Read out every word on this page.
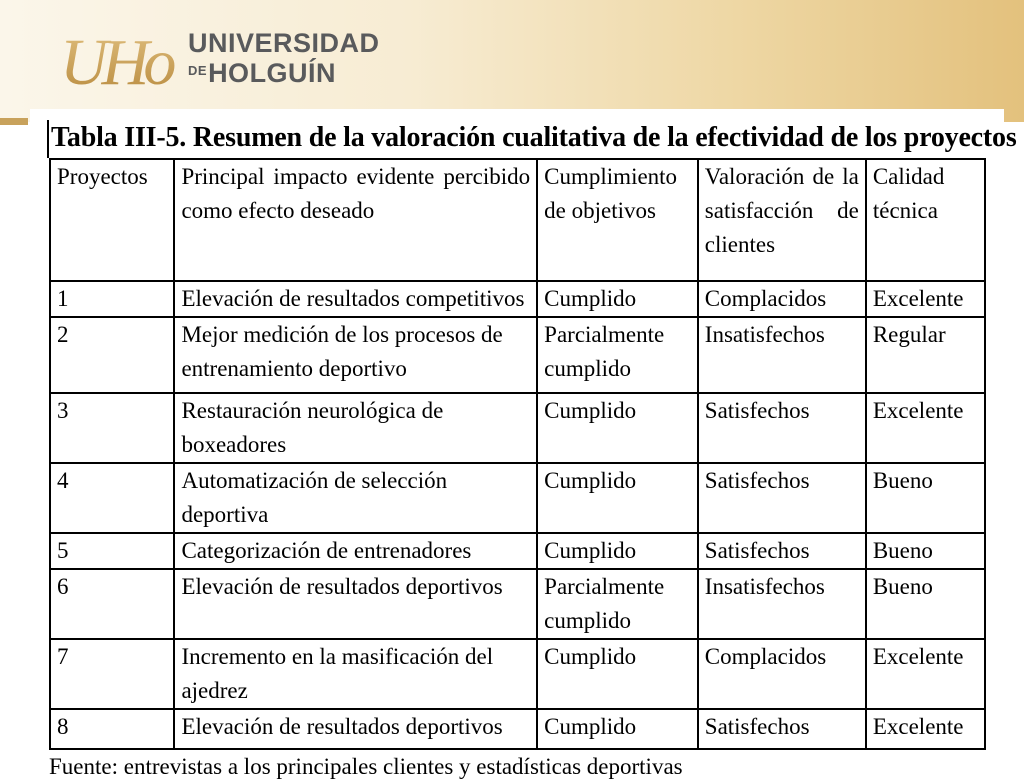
UHo UNIVERSIDAD
$^{DE}$HOLGUÍN
Tabla III-5. Resumen de la valoración cualitativa de la efectividad de los proyectos
Proyectos	Principal impacto evidente percibido como efecto deseado	Cumplimiento de objetivos	Valoración de la satisfacción de clientes	Calidad técnica
1	Elevación de resultados competitivos	Cumplido	Complacidos	Excelente
2	Mejor medición de los procesos de entrenamiento deportivo	Parcialmente cumplido	Insatisfechos	Regular
3	Restauración neurológica de boxeadores	Cumplido	Satisfechos	Excelente
4	Automatización de selección deportiva	Cumplido	Satisfechos	Bueno
5	Categorización de entrenadores	Cumplido	Satisfechos	Bueno
6	Elevación de resultados deportivos	Parcialmente cumplido	Insatisfechos	Bueno
7	Incremento en la masificación del ajedrez	Cumplido	Complacidos	Excelente
8	Elevación de resultados deportivos	Cumplido	Satisfechos	Excelente
Fuente: entrevistas a los principales clientes y estadísticas deportivas
